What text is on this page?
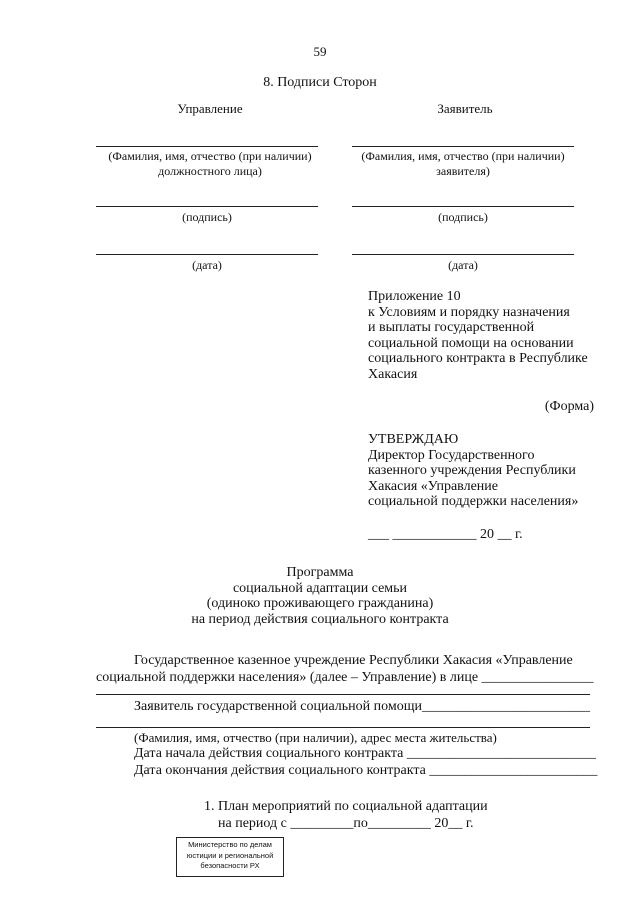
59
8. Подписи Сторон
Управление
(Фамилия, имя, отчество (при наличии)
должностного лица)
(подпись)
(дата)
Заявитель
(Фамилия, имя, отчество (при наличии)
заявителя)
(подпись)
(дата)
Приложение 10
к Условиям и порядку назначения
и выплаты государственной
социальной помощи на основании
социального контракта в Республике
Хакасия
(Форма)
УТВЕРЖДАЮ
Директор Государственного
казенного учреждения Республики
Хакасия «Управление
социальной поддержки населения»
___ ____________ 20 __ г.
Программа
социальной адаптации семьи
(одиноко проживающего гражданина)
на период действия социального контракта
Государственное казенное учреждение Республики Хакасия «Управление
социальной поддержки населения» (далее – Управление) в лице ________________
Заявитель государственной социальной помощи________________________
(Фамилия, имя, отчество (при наличии), адрес места жительства)
Дата начала действия социального контракта ___________________________
Дата окончания действия социального контракта ________________________
1. План мероприятий по социальной адаптации
на период с _________по_________ 20__ г.
Министерство по делам
юстиции и региональной
безопасности РХ
